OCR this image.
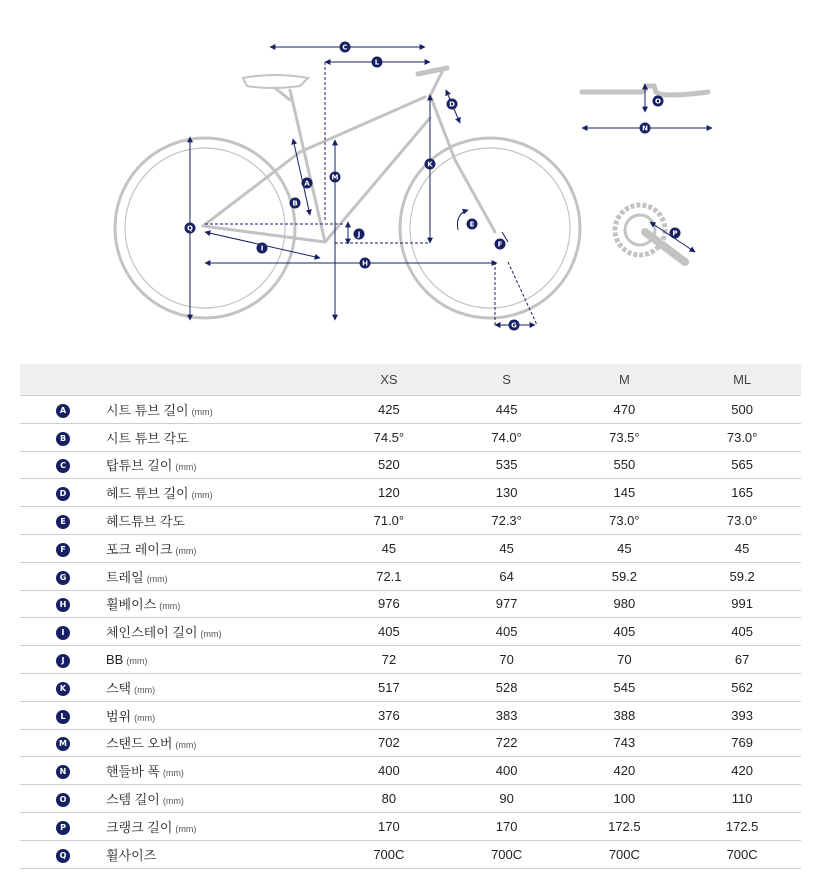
C
L
D	O
N
K
M
A
B
J
E
F
I
H
Q
G
P
		XS	S	M	ML
A	시트 튜브 길이 (mm)	425	445	470	500
B	시트 튜브 각도	74.5°	74.0°	73.5°	73.0°
C	탑튜브 길이 (mm)	520	535	550	565
D	헤드 튜브 길이 (mm)	120	130	145	165
E	헤드튜브 각도	71.0°	72.3°	73.0°	73.0°
F	포크 레이크 (mm)	45	45	45	45
G	트레일 (mm)	72.1	64	59.2	59.2
H	휠베이스 (mm)	976	977	980	991
I	체인스테이 길이 (mm)	405	405	405	405
J	BB (mm)	72	70	70	67
K	스택 (mm)	517	528	545	562
L	범위 (mm)	376	383	388	393
M	스탠드 오버 (mm)	702	722	743	769
N	핸들바 폭 (mm)	400	400	420	420
O	스템 길이 (mm)	80	90	100	110
P	크랭크 길이 (mm)	170	170	172.5	172.5
Q	휠사이즈	700C	700C	700C	700C
